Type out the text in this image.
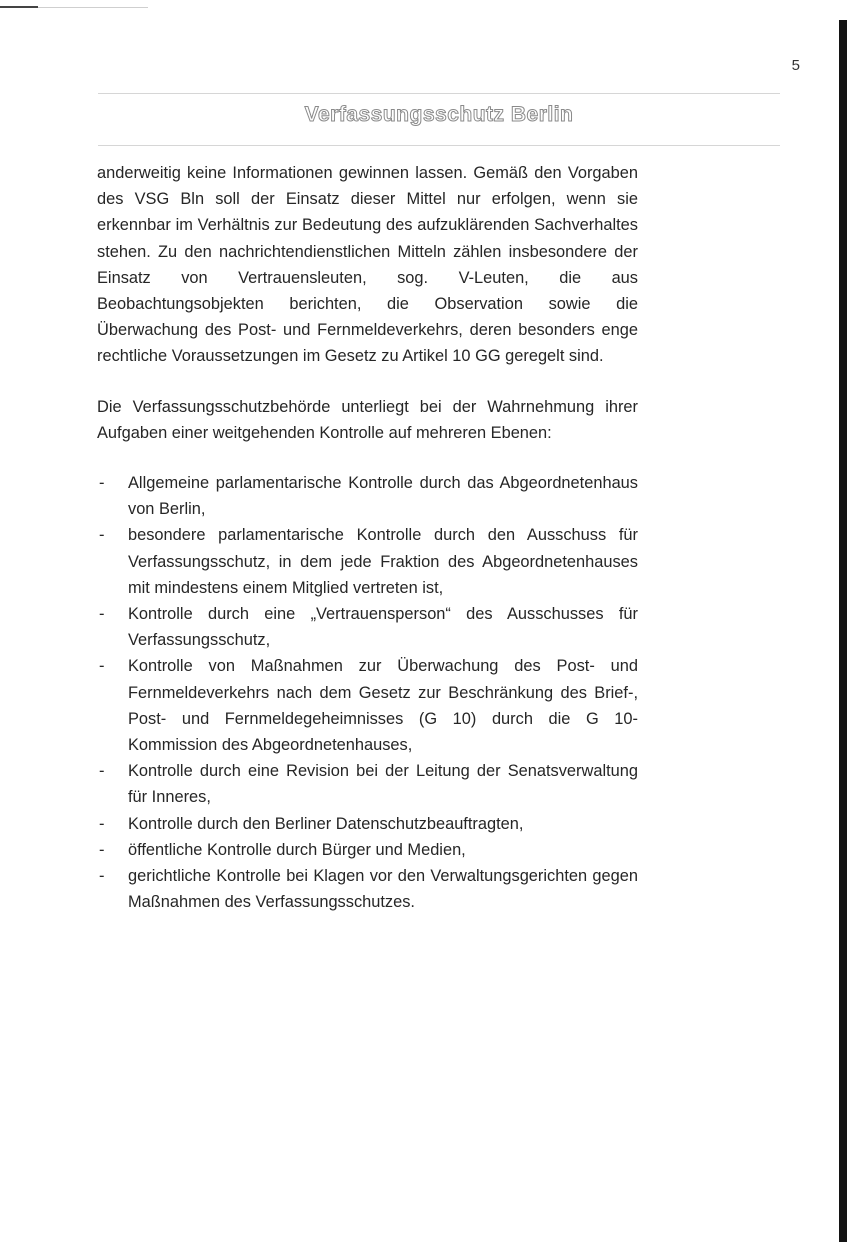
5
Verfassungsschutz Berlin

anderweitig keine Informationen gewinnen lassen. Gemäß den Vorgaben des VSG Bln soll der Einsatz dieser Mittel nur erfolgen, wenn sie erkennbar im Verhältnis zur Bedeutung des aufzuklärenden Sachverhaltes stehen. Zu den nachrichtendienstlichen Mitteln zählen insbesondere der Einsatz von Vertrauensleuten, sog. V-Leuten, die aus Beobachtungsobjekten berichten, die Observation sowie die Überwachung des Post- und Fernmeldeverkehrs, deren besonders enge rechtliche Voraussetzungen im Gesetz zu Artikel 10 GG geregelt sind.

Die Verfassungsschutzbehörde unterliegt bei der Wahrnehmung ihrer Aufgaben einer weitgehenden Kontrolle auf mehreren Ebenen:

- Allgemeine parlamentarische Kontrolle durch das Abgeordnetenhaus von Berlin,
- besondere parlamentarische Kontrolle durch den Ausschuss für Verfassungsschutz, in dem jede Fraktion des Abgeordnetenhauses mit mindestens einem Mitglied vertreten ist,
- Kontrolle durch eine „Vertrauensperson“ des Ausschusses für Verfassungsschutz,
- Kontrolle von Maßnahmen zur Überwachung des Post- und Fernmeldeverkehrs nach dem Gesetz zur Beschränkung des Brief-, Post- und Fernmeldegeheimnisses (G 10) durch die G 10-Kommission des Abgeordnetenhauses,
- Kontrolle durch eine Revision bei der Leitung der Senatsverwaltung für Inneres,
- Kontrolle durch den Berliner Datenschutzbeauftragten,
- öffentliche Kontrolle durch Bürger und Medien,
- gerichtliche Kontrolle bei Klagen vor den Verwaltungsgerichten gegen Maßnahmen des Verfassungsschutzes.
